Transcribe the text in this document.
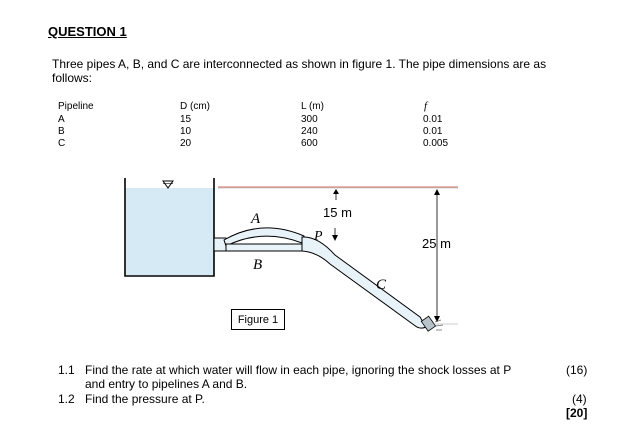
QUESTION 1
Three pipes A, B, and C are interconnected as shown in figure 1. The pipe dimensions are as follows:
Pipeline	D (cm)	L (m)	f
A	15	300	0.01
B	10	240	0.01
C	20	600	0.005
A
B
C
P
15 m
25 m
Figure 1
1.1 Find the rate at which water will flow in each pipe, ignoring the shock losses at P
and entry to pipelines A and B.
(16)
1.2 Find the pressure at P.	(4)
[20]
